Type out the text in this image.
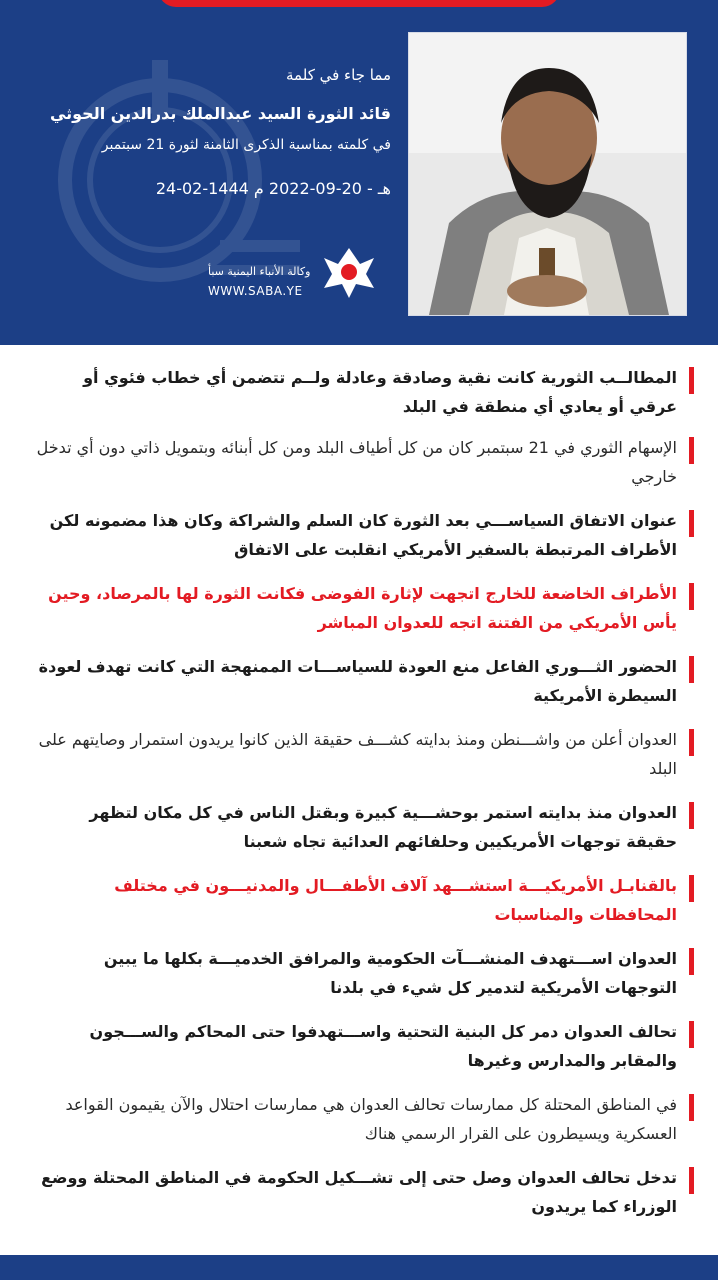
مما جاء في كلمة
قائد الثورة السيد عبدالملك بدرالدين الحوثي
في كلمته بمناسبة الذكرى الثامنة لثورة 21 سبتمبر
24-02-1444 هـ - 20-09-2022 م
وكالة الأنباء اليمنية سبأ
WWW.SABA.YE
المطالــب الثورية كانت نقية وصادقة وعادلة ولــم تتضمن أي خطاب فئوي أو عرقي أو يعادي أي منطقة في البلد
الإسهام الثوري في 21 سبتمبر كان من كل أطياف البلد ومن كل أبنائه وبتمويل ذاتي دون أي تدخل خارجي
عنوان الاتفاق السياســـي بعد الثورة كان السلم والشراكة وكان هذا مضمونه لكن الأطراف المرتبطة بالسفير الأمريكي انقلبت على الاتفاق
الأطراف الخاضعة للخارج اتجهت لإثارة الفوضى فكانت الثورة لها بالمرصاد، وحين يأس الأمريكي من الفتنة اتجه للعدوان المباشر
الحضور الثـــوري الفاعل منع العودة للسياســـات الممنهجة التي كانت تهدف لعودة السيطرة الأمريكية
العدوان أعلن من واشـــنطن ومنذ بدايته كشـــف حقيقة الذين كانوا يريدون استمرار وصايتهم على البلد
العدوان منذ بدايته استمر بوحشـــية كبيرة وبقتل الناس في كل مكان لتظهر حقيقة توجهات الأمريكيين وحلفائهم العدائية تجاه شعبنا
بالقنابـل الأمريكيـــة استشـــهد آلاف الأطفـــال والمدنيـــون في مختلف المحافظات والمناسبات
العدوان اســـتهدف المنشـــآت الحكومية والمرافق الخدميـــة بكلها ما يبين التوجهات الأمريكية لتدمير كل شيء في بلدنا
تحالف العدوان دمر كل البنية التحتية واســـتهدفوا حتى المحاكم والســـجون والمقابر والمدارس وغيرها
في المناطق المحتلة كل ممارسات تحالف العدوان هي ممارسات احتلال والآن يقيمون القواعد العسكرية ويسيطرون على القرار الرسمي هناك
تدخل تحالف العدوان وصل حتى إلى تشـــكيل الحكومة في المناطق المحتلة ووضع الوزراء كما يريدون
